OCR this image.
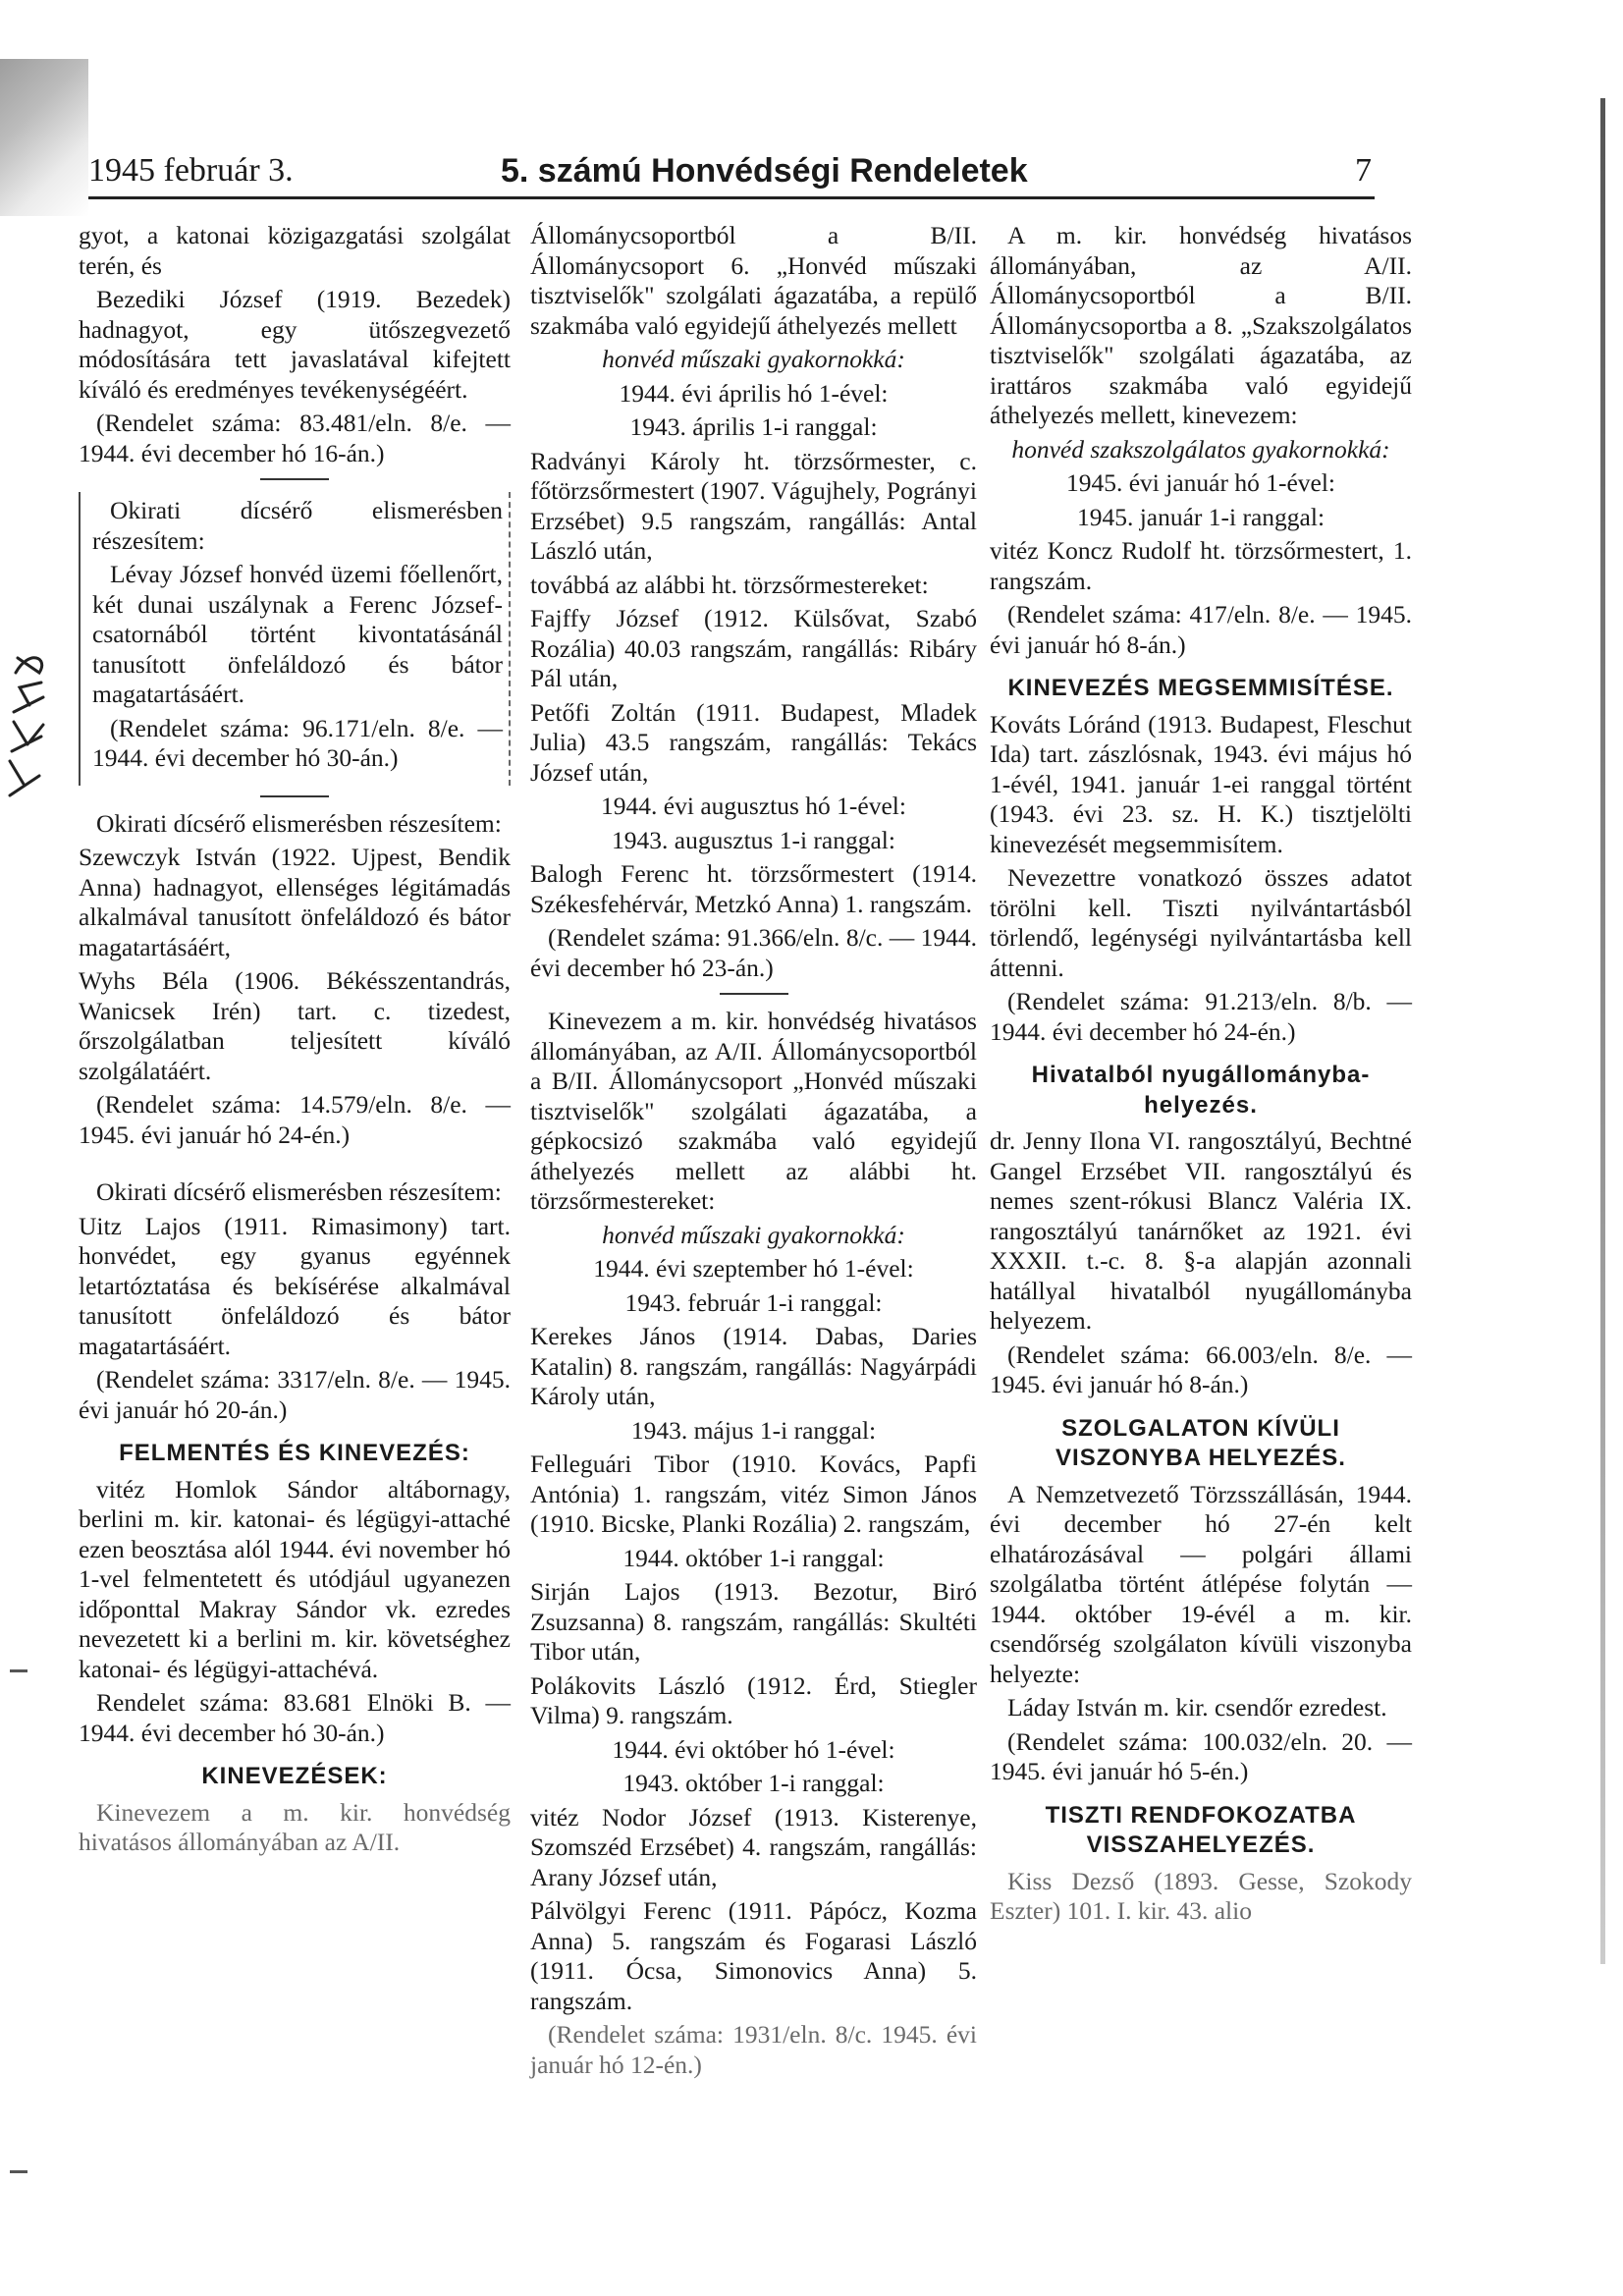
1945 február 3.	5. számú Honvédségi Rendeletek	7

gyot, a katonai közigazgatási szolgálat terén, és

Bezediki József (1919. Bezedek) hadnagyot, egy ütőszegvezető módosítására tett javaslatával kifejtett kíváló és eredményes tevékenységéért.

(Rendelet száma: 83.481/eln. 8/e. — 1944. évi december hó 16-án.)

Okirati dícsérő elismerésben részesítem:

Lévay József honvéd üzemi főellenőrt, két dunai uszálynak a Ferenc József-csatornából történt kivontatásánál tanusított önfeláldozó és bátor magatartásáért.

(Rendelet száma: 96.171/eln. 8/e. — 1944. évi december hó 30-án.)

Okirati dícsérő elismerésben részesítem:

Szewczyk István (1922. Ujpest, Bendik Anna) hadnagyot, ellenséges légitámadás alkalmával tanusított önfeláldozó és bátor magatartásáért,

Wyhs Béla (1906. Békésszentandrás, Wanicsek Irén) tart. c. tizedest, őrszolgálatban teljesített kíváló szolgálatáért.

(Rendelet száma: 14.579/eln. 8/e. — 1945. évi január hó 24-én.)

Okirati dícsérő elismerésben részesítem:

Uitz Lajos (1911. Rimasimony) tart. honvédet, egy gyanus egyénnek letartóztatása és bekísérése alkalmával tanusított önfeláldozó és bátor magatartásáért.

(Rendelet száma: 3317/eln. 8/e. — 1945. évi január hó 20-án.)

FELMENTÉS ÉS KINEVEZÉS:

vitéz Homlok Sándor altábornagy, berlini m. kir. katonai- és légügyi-attaché ezen beosztása alól 1944. évi november hó 1-vel felmentetett és utódjául ugyanezen időponttal Makray Sándor vk. ezredes nevezetett ki a berlini m. kir. követséghez katonai- és légügyi-attachévá.

Rendelet száma: 83.681 Elnöki B. — 1944. évi december hó 30-án.)

KINEVEZÉSEK:

Kinevezem a m. kir. honvédség hivatásos állományában az A/II.

Állománycsoportból a B/II. Állománycsoport 6. „Honvéd műszaki tisztviselők" szolgálati ágazatába, a repülő szakmába való egyidejű áthelyezés mellett

honvéd műszaki gyakornokká:

1944. évi április hó 1-ével:

1943. április 1-i ranggal:

Radványi Károly ht. törzsőrmester, c. főtörzsőrmestert (1907. Vágujhely, Pogrányi Erzsébet) 9.5 rangszám, rangállás: Antal László után,

továbbá az alábbi ht. törzsőrmestereket:

Fajffy József (1912. Külsővat, Szabó Rozália) 40.03 rangszám, rangállás: Ribáry Pál után,

Petőfi Zoltán (1911. Budapest, Mladek Julia) 43.5 rangszám, rangállás: Tekács József után,

1944. évi augusztus hó 1-ével:

1943. augusztus 1-i ranggal:

Balogh Ferenc ht. törzsőrmestert (1914. Székesfehérvár, Metzkó Anna) 1. rangszám.

(Rendelet száma: 91.366/eln. 8/c. — 1944. évi december hó 23-án.)

Kinevezem a m. kir. honvédség hivatásos állományában, az A/II. Állománycsoportból a B/II. Állománycsoport „Honvéd műszaki tisztviselők" szolgálati ágazatába, a gépkocsizó szakmába való egyidejű áthelyezés mellett az alábbi ht. törzsőrmestereket:

honvéd műszaki gyakornokká:

1944. évi szeptember hó 1-ével:

1943. február 1-i ranggal:

Kerekes János (1914. Dabas, Daries Katalin) 8. rangszám, rangállás: Nagyárpádi Károly után,

1943. május 1-i ranggal:

Felleguári Tibor (1910. Kovács, Papfi Antónia) 1. rangszám, vitéz Simon János (1910. Bicske, Planki Rozália) 2. rangszám,

1944. október 1-i ranggal:

Sirján Lajos (1913. Bezotur, Biró Zsuzsanna) 8. rangszám, rangállás: Skultéti Tibor után,

Polákovits László (1912. Érd, Stiegler Vilma) 9. rangszám.

1944. évi október hó 1-ével:

1943. október 1-i ranggal:

vitéz Nodor József (1913. Kisterenye, Szomszéd Erzsébet) 4. rangszám, rangállás: Arany József után,

Pálvölgyi Ferenc (1911. Pápócz, Kozma Anna) 5. rangszám és Fogarasi László (1911. Ócsa, Simonovics Anna) 5. rangszám.

(Rendelet száma: 1931/eln. 8/c. 1945. évi január hó 12-én.)

A m. kir. honvédség hivatásos állományában, az A/II. Állománycsoportból a B/II. Állománycsoportba a 8. „Szakszolgálatos tisztviselők" szolgálati ágazatába, az irattáros szakmába való egyidejű áthelyezés mellett, kinevezem:

honvéd szakszolgálatos gyakornokká:

1945. évi január hó 1-ével:

1945. január 1-i ranggal:

vitéz Koncz Rudolf ht. törzsőrmestert, 1. rangszám.

(Rendelet száma: 417/eln. 8/e. — 1945. évi január hó 8-án.)

KINEVEZÉS MEGSEMMISÍTÉSE.

Kováts Lóránd (1913. Budapest, Fleschut Ida) tart. zászlósnak, 1943. évi május hó 1-évél, 1941. január 1-ei ranggal történt (1943. évi 23. sz. H. K.) tisztjelölti kinevezését megsemmisítem.

Nevezettre vonatkozó összes adatot törölni kell. Tiszti nyilvántartásból törlendő, legénységi nyilvántartásba kell áttenni.

(Rendelet száma: 91.213/eln. 8/b. — 1944. évi december hó 24-én.)

Hivatalból nyugállományba-helyezés.

dr. Jenny Ilona VI. rangosztályú, Bechtné Gangel Erzsébet VII. rangosztályú és nemes szent-rókusi Blancz Valéria IX. rangosztályú tanárnőket az 1921. évi XXXII. t.-c. 8. §-a alapján azonnali hatállyal hivatalból nyugállományba helyezem.

(Rendelet száma: 66.003/eln. 8/e. — 1945. évi január hó 8-án.)

SZOLGALATON KÍVÜLI VISZONYBA HELYEZÉS.

A Nemzetvezető Törzsszállásán, 1944. évi december hó 27-én kelt elhatározásával — polgári állami szolgálatba történt átlépése folytán — 1944. október 19-évél a m. kir. csendőrség szolgálaton kívüli viszonyba helyezte:

Láday István m. kir. csendőr ezredest.

(Rendelet száma: 100.032/eln. 20. — 1945. évi január hó 5-én.)

TISZTI RENDFOKOZATBA VISSZAHELYEZÉS.

Kiss Dezső (1893. Gesse, Szokody Eszter) 101. I. kir. 43. alio
